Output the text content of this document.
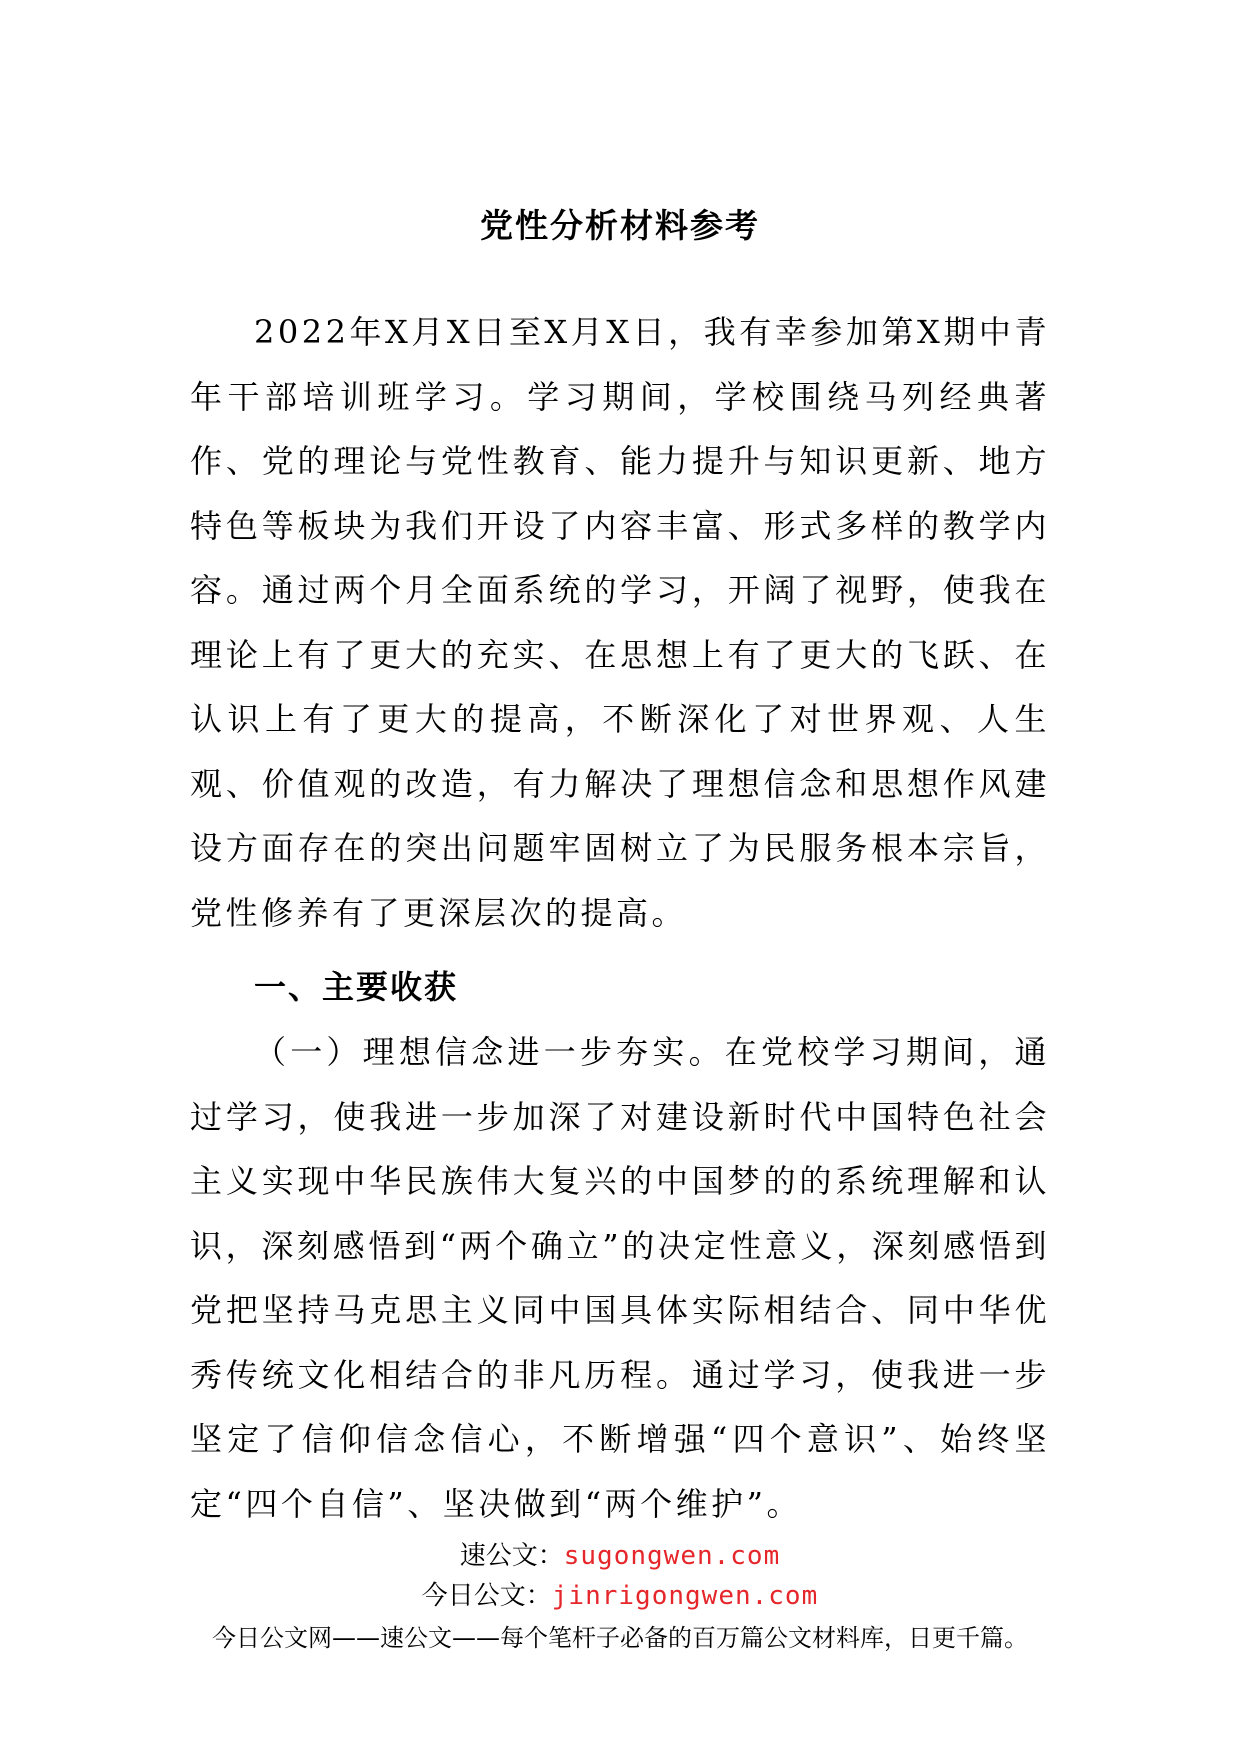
党性分析材料参考

2022年X月X日至X月X日，我有幸参加第X期中青年干部培训班学习。学习期间，学校围绕马列经典著作、党的理论与党性教育、能力提升与知识更新、地方特色等板块为我们开设了内容丰富、形式多样的教学内容。通过两个月全面系统的学习，开阔了视野，使我在理论上有了更大的充实、在思想上有了更大的飞跃、在认识上有了更大的提高，不断深化了对世界观、人生观、价值观的改造，有力解决了理想信念和思想作风建设方面存在的突出问题牢固树立了为民服务根本宗旨，党性修养有了更深层次的提高。

一、主要收获

（一）理想信念进一步夯实。在党校学习期间，通过学习，使我进一步加深了对建设新时代中国特色社会主义实现中华民族伟大复兴的中国梦的的系统理解和认识，深刻感悟到“两个确立”的决定性意义，深刻感悟到党把坚持马克思主义同中国具体实际相结合、同中华优秀传统文化相结合的非凡历程。通过学习，使我进一步坚定了信仰信念信心，不断增强“四个意识”、始终坚定“四个自信”、坚决做到“两个维护”。

速公文：sugongwen.com
今日公文：jinrigongwen.com
今日公文网——速公文——每个笔杆子必备的百万篇公文材料库，日更千篇。
